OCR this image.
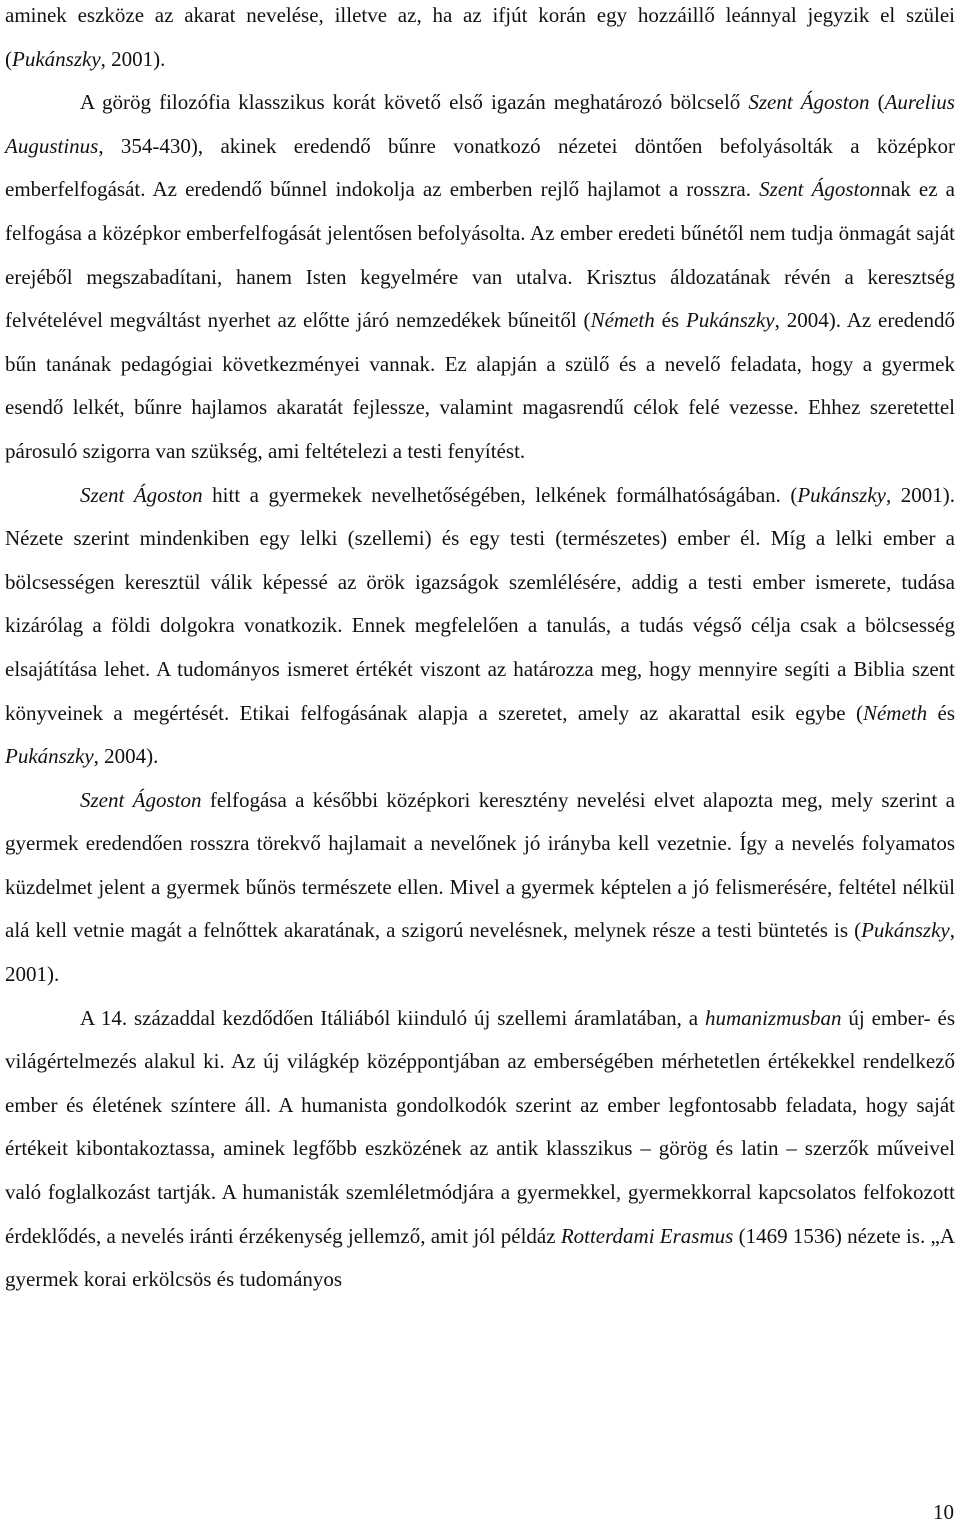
aminek eszköze az akarat nevelése, illetve az, ha az ifjút korán egy hozzáillő leánnyal jegyzik el szülei (Pukánszky, 2001).

A görög filozófia klasszikus korát követő első igazán meghatározó bölcselő Szent Ágoston (Aurelius Augustinus, 354-430), akinek eredendő bűnre vonatkozó nézetei döntően befolyásolták a középkor emberfelfogását. Az eredendő bűnnel indokolja az emberben rejlő hajlamot a rosszra. Szent Ágostonnak ez a felfogása a középkor emberfelfogását jelentősen befolyásolta. Az ember eredeti bűnétől nem tudja önmagát saját erejéből megszabadítani, hanem Isten kegyelmére van utalva. Krisztus áldozatának révén a keresztség felvételével megváltást nyerhet az előtte járó nemzedékek bűneitől (Németh és Pukánszky, 2004). Az eredendő bűn tanának pedagógiai következményei vannak. Ez alapján a szülő és a nevelő feladata, hogy a gyermek esendő lelkét, bűnre hajlamos akaratát fejlessze, valamint magasrendű célok felé vezesse. Ehhez szeretettel párosuló szigorra van szükség, ami feltételezi a testi fenyítést.

Szent Ágoston hitt a gyermekek nevelhetőségében, lelkének formálhatóságában. (Pukánszky, 2001). Nézete szerint mindenkiben egy lelki (szellemi) és egy testi (természetes) ember él. Míg a lelki ember a bölcsességen keresztül válik képessé az örök igazságok szemlélésére, addig a testi ember ismerete, tudása kizárólag a földi dolgokra vonatkozik. Ennek megfelelően a tanulás, a tudás végső célja csak a bölcsesség elsajátítása lehet. A tudományos ismeret értékét viszont az határozza meg, hogy mennyire segíti a Biblia szent könyveinek a megértését. Etikai felfogásának alapja a szeretet, amely az akarattal esik egybe (Németh és Pukánszky, 2004).

Szent Ágoston felfogása a későbbi középkori keresztény nevelési elvet alapozta meg, mely szerint a gyermek eredendően rosszra törekvő hajlamait a nevelőnek jó irányba kell vezetnie. Így a nevelés folyamatos küzdelmet jelent a gyermek bűnös természete ellen. Mivel a gyermek képtelen a jó felismerésére, feltétel nélkül alá kell vetnie magát a felnőttek akaratának, a szigorú nevelésnek, melynek része a testi büntetés is (Pukánszky, 2001).

A 14. századdal kezdődően Itáliából kiinduló új szellemi áramlatában, a humanizmusban új ember- és világértelmezés alakul ki. Az új világkép középpontjában az emberségében mérhetetlen értékekkel rendelkező ember és életének színtere áll. A humanista gondolkodók szerint az ember legfontosabb feladata, hogy saját értékeit kibontakoztassa, aminek legfőbb eszközének az antik klasszikus – görög és latin – szerzők műveivel való foglalkozást tartják. A humanisták szemléletmódjára a gyermekkel, gyermekkorral kapcsolatos felfokozott érdeklődés, a nevelés iránti érzékenység jellemző, amit jól példáz Rotterdami Erasmus (1469 1536) nézete is. „A gyermek korai erkölcsös és tudományos

10
